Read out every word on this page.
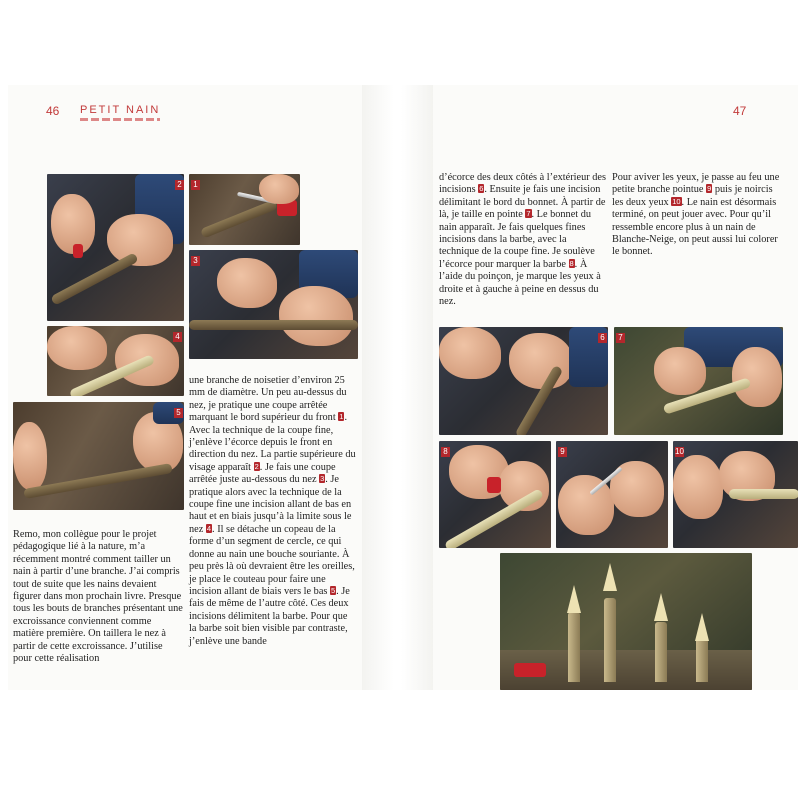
46 PETIT NAIN
2 1
3
4
5
Remo, mon collègue pour le projet pédagogique lié à la nature, m’a récemment montré comment tailler un nain à partir d’une branche. J’ai compris tout de suite que les nains devaient figurer dans mon prochain livre. Presque tous les bouts de branches présentant une excroissance conviennent comme matière première. On taillera le nez à partir de cette excroissance. J’utilise pour cette réalisation
une branche de noisetier d’environ 25 mm de diamètre. Un peu au-dessus du nez, je pratique une coupe arrêtée marquant le bord supérieur du front 1. Avec la technique de la coupe fine, j’enlève l’écorce depuis le front en direction du nez. La partie supérieure du visage apparaît 2. Je fais une coupe arrêtée juste au-dessous du nez 3. Je pratique alors avec la technique de la coupe fine une incision allant de bas en haut et en biais jusqu’à la limite sous le nez 4. Il se détache un copeau de la forme d’un segment de cercle, ce qui donne au nain une bouche souriante. À peu près là où devraient être les oreilles, je place le couteau pour faire une incision allant de biais vers le bas 5. Je fais de même de l’autre côté. Ces deux incisions délimitent la barbe. Pour que la barbe soit bien visible par contraste, j’enlève une bande
47
d’écorce des deux côtés à l’extérieur des incisions 6. Ensuite je fais une incision délimitant le bord du bonnet. À partir de là, je taille en pointe 7. Le bonnet du nain apparaît. Je fais quelques fines incisions dans la barbe, avec la technique de la coupe fine. Je soulève l’écorce pour marquer la barbe 8. À l’aide du poinçon, je marque les yeux à droite et à gauche à peine en dessus du nez.
Pour aviver les yeux, je passe au feu une petite branche pointue 9 puis je noircis les deux yeux 10. Le nain est désormais terminé, on peut jouer avec. Pour qu’il ressemble encore plus à un nain de Blanche-Neige, on peut aussi lui colorer le bonnet.
6 7
8	9	10
